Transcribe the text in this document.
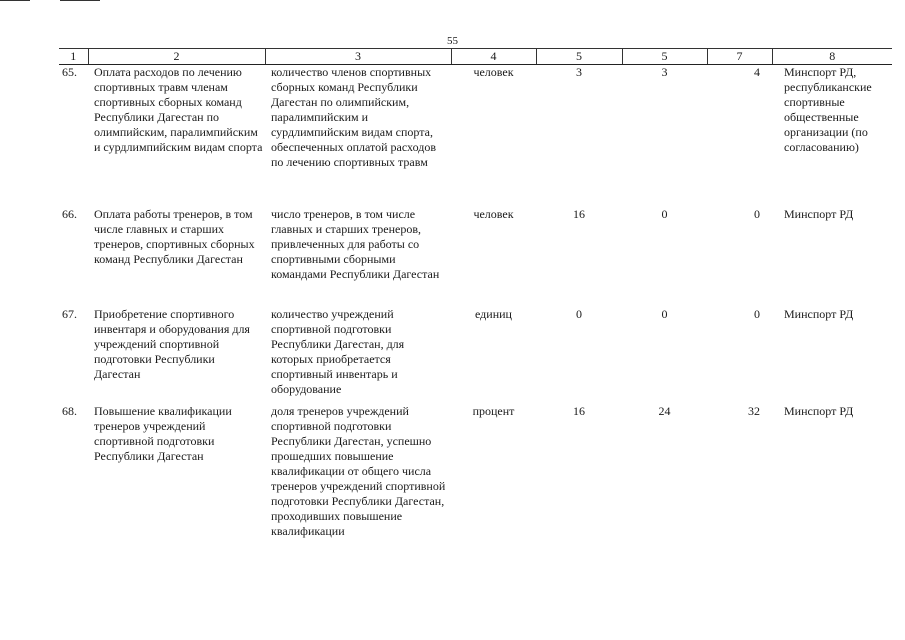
55
1	2	3	4	5	5	7	8
65.	Оплата расходов по лечению спортивных травм членам спортивных сборных команд Республики Дагестан по олимпийским, паралимпийским и сурдлимпийским видам спорта	количество членов спортивных сборных команд Республики Дагестан по олимпийским, паралимпийским и сурдлимпийским видам спорта, обеспеченных оплатой расходов по лечению спортивных травм	человек	3	3	4	Минспорт РД, республиканские спортивные общественные организации (по согласованию)
66.	Оплата работы тренеров, в том числе главных и старших тренеров, спортивных сборных команд Республики Дагестан	число тренеров, в том числе главных и старших тренеров, привлеченных для работы со спортивными сборными командами Республики Дагестан	человек	16	0	0	Минспорт РД
67.	Приобретение спортивного инвентаря и оборудования для учреждений спортивной подготовки Республики Дагестан	количество учреждений спортивной подготовки Республики Дагестан, для которых приобретается спортивный инвентарь и оборудование	единиц	0	0	0	Минспорт РД
68.	Повышение квалификации тренеров учреждений спортивной подготовки Республики Дагестан	доля тренеров учреждений спортивной подготовки Республики Дагестан, успешно прошедших повышение квалификации от общего числа тренеров учреждений спортивной подготовки Республики Дагестан, проходивших повышение квалификации	процент	16	24	32	Минспорт РД
